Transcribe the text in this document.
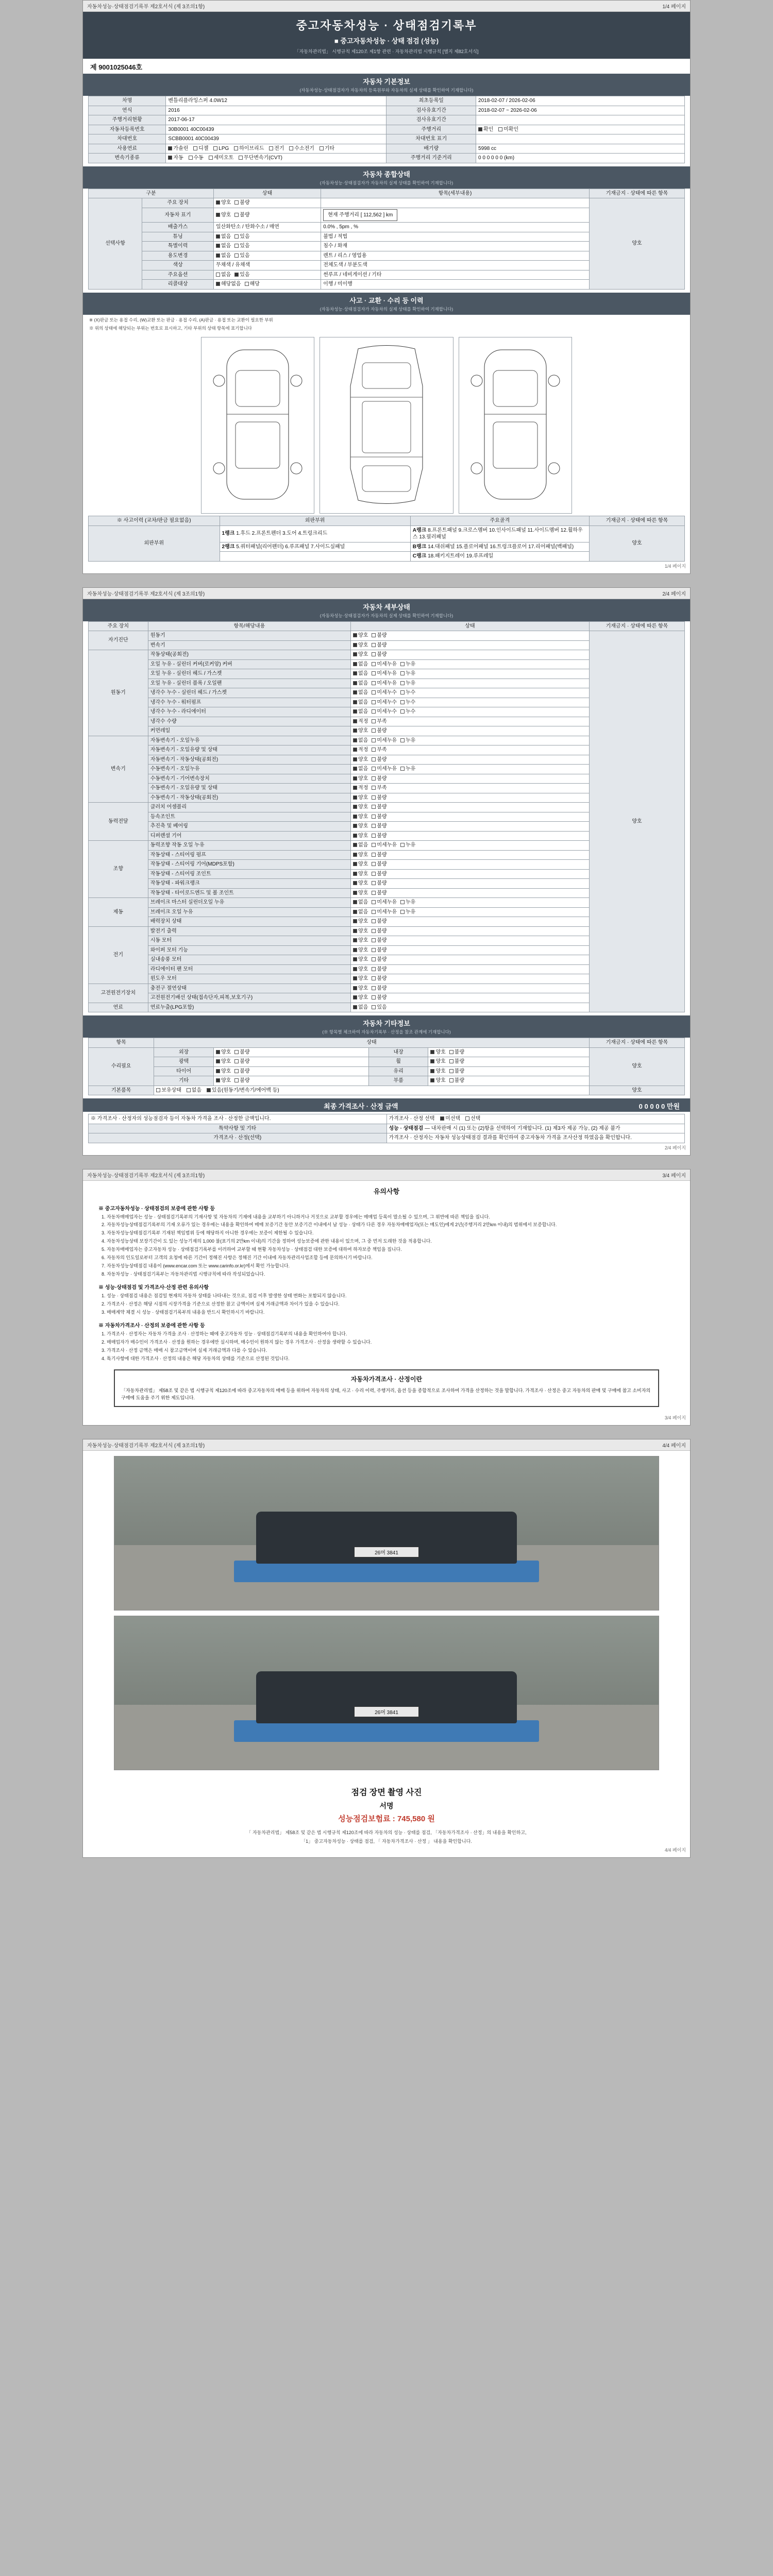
자동차성능·상태점검기록부 제2호서식 (제 3조의1항)	1/4 페이지
중고자동차성능 · 상태점검기록부
■ 중고자동차성능 · 상태 점검 (성능)
「자동차관리법」 시행규칙 제120조 제1항 관련 · 자동차관리법 시행규칙 [별지 제82호서식]
제 9001025046호
자동차 기본정보
(자동차성능·상태점검자가 자동차의 등록원부와 자동차의 실제 상태를 확인하여 기재합니다)
차명	벤틀리플라잉스퍼 4.0W12	최초등록일	2018-02-07 / 2026-02-06
연식	2016	검사유효기간	2018-02-07 ~ 2026-02-06
주행거리현황	2017-06-17	검사유효기간	
자동차등록번호	30B0001 40C00439	주행거리	확인 미확인
차대번호	SCBB0001 40C00439	차대번호 표기	
사용연료	가솔린 디젤 LPG 하이브리드 전기 수소전기 기타	배기량	5998 cc
변속기종류	자동 수동 세미오토 무단변속기(CVT)	주행거리 기준거리	0 0 0 0 0 0 (km)
자동차 종합상태
(자동차성능·상태점검자가 자동차의 실제 상태를 확인하여 기재합니다)
구분		상태	항목(세부내용)	기재금지 · 상태에 따른 항목
선택사항	주요 장치	양호 불량		양호
	자동차 표기	양호 불량	현재 주행거리 [ 112,562 ] km	
	배출가스	일산화탄소 / 탄화수소 / 매연	0.0% , 5pm , %	
	튜닝	없음 있음	불법 / 적법	
	특별이력	없음 있음	침수 / 화재	
	용도변경	없음 있음	렌트 / 리스 / 영업용	
	색상	무채색 / 유채색	전체도색 / 부분도색	
	주요옵션	없음 있음	썬루프 / 네비게이션 / 기타	
	리콜대상	해당없음 해당	이행 / 미이행	
사고 · 교환 · 수리 등 이력
(자동차성능·상태점검자가 자동차의 실제 상태를 확인하여 기재합니다)
※ (X)판금 또는 용접 수리, (W)교환 또는 판금 · 용접 수리, (A)판금 · 용접 또는 교환이 필요한 부위
※ 위의 상태에 해당되는 부위는 번호로 표시하고, 기타 부위의 상태 항목에 표기합니다
※ 사고이력 (교차/판금 필요없음)	외판부위	주요골격	기재금지 · 상태에 따른 항목
외판부위	1랭크 1.후드 2.프론트펜더 3.도어 4.트렁크리드	A랭크 8.프론트패널 9.크로스멤버 10.인사이드패널 11.사이드멤버 12.휠하우스 13.필러패널	양호
	2랭크 5.쿼터패널(리어펜더) 6.루프패널 7.사이드실패널	B랭크 14.대쉬패널 15.플로어패널 16.트렁크플로어 17.리어패널(백패널)	
		C랭크 18.패키지트레이 19.루프레일	
1/4 페이지
자동차성능·상태점검기록부 제2호서식 (제 3조의1항)	2/4 페이지
자동차 세부상태
(자동차성능·상태점검자가 자동차의 실제 상태를 확인하여 기재합니다)
주요 장치	항목/해당내용	상태	기재금지 · 상태에 따른 항목
자기진단	원동기	양호 불량	양호
	변속기	양호 불량	
원동기	작동상태(공회전)	양호 불량	
	오일 누유 - 실린더 커버(로커암) 커버	없음 미세누유 누유	
	오일 누유 - 실린더 헤드 / 가스켓	없음 미세누유 누유	
	오일 누유 - 실린더 블록 / 오일팬	없음 미세누유 누유	
	냉각수 누수 - 실린더 헤드 / 가스켓	없음 미세누수 누수	
	냉각수 누수 - 워터펌프	없음 미세누수 누수	
	냉각수 누수 - 라디에이터	없음 미세누수 누수	
	냉각수 수량	적정 부족	
	커먼레일	양호 불량	
변속기	자동변속기 - 오일누유	없음 미세누유 누유	
	자동변속기 - 오일유량 및 상태	적정 부족	
	자동변속기 - 작동상태(공회전)	양호 불량	
	수동변속기 - 오일누유	없음 미세누유 누유	
	수동변속기 - 기어변속장치	양호 불량	
	수동변속기 - 오일유량 및 상태	적정 부족	
	수동변속기 - 작동상태(공회전)	양호 불량	
동력전달	클러치 어셈블리	양호 불량	
	등속조인트	양호 불량	
	추진축 및 베어링	양호 불량	
	디퍼렌셜 기어	양호 불량	
조향	동력조향 작동 오일 누유	없음 미세누유 누유	
	작동상태 - 스티어링 펌프	양호 불량	
	작동상태 - 스티어링 기어(MDPS포함)	양호 불량	
	작동상태 - 스티어링 조인트	양호 불량	
	작동상태 - 파워크랭크	양호 불량	
	작동상태 - 타이로드엔드 및 볼 조인트	양호 불량	
제동	브레이크 마스터 실린더오일 누유	없음 미세누유 누유	
	브레이크 오일 누유	없음 미세누유 누유	
	배력장치 상태	양호 불량	
전기	발전기 출력	양호 불량	
	시동 모터	양호 불량	
	와이퍼 모터 기능	양호 불량	
	실내송풍 모터	양호 불량	
	라디에이터 팬 모터	양호 불량	
	윈도우 모터	양호 불량	
고전원전기장치	충전구 절연상태	양호 불량	
	고전원전기배선 상태(접속단자,피복,보호기구)	양호 불량	
연료	연료누출(LPG포함)	없음 있음	
자동차 기타정보
(※ 항목별 체크하여 자동차기록부 · 산정을 참조 관계에 기재합니다)
항목	상태				기재금지 · 상태에 따른 항목
수리필요	외장	양호 불량	내장	양호 불량	양호
	광택	양호 불량	휠	양호 불량	
	타이어	양호 불량	유리	양호 불량	
	기타	양호 불량	부품	양호 불량	
기본품목	보유상태 없음 있음(원동기/변속기/에어백 등)				양호
최종 가격조사 · 산정 금액	0 0 0 0 0 만원
※ 가격조사 · 산정자의 성능점검자 등이 자동차 가격을 조사 · 산정한 금액입니다.	가격조사 · 산정 선택 미선택 선택
특약사항 및 기타	성능 · 상태점검 — 내차판매 시 (1) 또는 (2)항을 선택하여 기재합니다. (1) 제3자 제공 가능, (2) 제공 불가
가격조사 · 산정(선택)	가격조사 · 산정자는 자동차 성능상태점검 결과를 확인하여 중고자동차 가격을 조사산정 하였음을 확인합니다.
2/4 페이지
자동차성능·상태점검기록부 제2호서식 (제 3조의1항)	3/4 페이지
유의사항
※ 중고자동차성능 · 상태점검의 보증에 관한 사항 등
1. 자동차매매업자는 성능 · 상태점검기록부의 기재사항 및 자동차의 기재에 내용을 교부하기 아니하거나 거짓으로 교부할 경우에는 매매업 등록이 말소될 수 있으며, 그 위반에 따른 책임을 집니다.
2. 자동차성능상태점검기록부의 기재 오류가 있는 경우에는 내용을 확인하여 매매 보증기간 동안 보증기간 이내에서 남 성능 · 상태가 다른 경우 자동차매매업자(또는 매도인)에게 2년(주행거리 2만km 이내)의 범위에서 보증합니다.
3. 자동차성능상태점검기록부 기재된 책임범위 등에 해당하지 아니한 경우에는 보증이 제한될 수 있습니다.
4. 자동차성능상태 보장기간이 도 있는 성능기재의 1,000 불(표기의 2만km 이내)의 기간을 정하여 성능보증에 관한 내용이 있으며, 그 중 먼저 도래한 것을 적용합니다.
5. 자동차매매업자는 중고자동차 성능 · 상태점검기록부를 이러하여 교부할 때 현황 자동차성능 · 상태점검 대한 보증에 대하여 하자보증 책임을 집니다.
6. 자동차의 인도일로부터 고객의 요청에 따른 기간이 정해진 사항은 정해진 기간 이내에 자동차관리사업조합 등에 문의하시기 바랍니다.
7. 자동차성능상태점검 내용이 (www.encar.com 또는 www.carinfo.or.kr)에서 확인 가능합니다.
8. 자동차성능 · 상태점검기록부는 자동차관리법 시행규칙에 따라 작성되었습니다.
※ 성능·상태점검 및 가격조사·산정 관련 유의사항
1. 성능 · 상태점검 내용은 점검일 현재의 자동차 상태를 나타내는 것으로, 점검 이후 발생한 상태 변화는 포함되지 않습니다.
2. 가격조사 · 산정은 해당 시점의 시장가격을 기준으로 산정한 참고 금액이며 실제 거래금액과 차이가 있을 수 있습니다.
3. 매매계약 체결 시 성능 · 상태점검기록부의 내용을 반드시 확인하시기 바랍니다.
※ 자동차가격조사 · 산정의 보증에 관한 사항 등
1. 가격조사 · 산정자는 자동차 가격을 조사 · 산정하는 때에 중고자동차 성능 · 상태점검기록부의 내용을 확인하여야 합니다.
2. 매매업자가 매수인이 가격조사 · 산정을 원하는 경우에만 실시하며, 매수인이 원하지 않는 경우 가격조사 · 산정을 생략할 수 있습니다.
3. 가격조사 · 산정 금액은 매매 시 참고금액이며 실제 거래금액과 다를 수 있습니다.
4. 특기사항에 대한 가격조사 · 산정의 내용은 해당 자동차의 상태를 기준으로 산정된 것입니다.
자동차가격조사 · 산정이란
「자동차관리법」 제58조 및 같은 법 시행규칙 제120조에 따라 중고자동차의 매매 등을 위하여 자동차의 상태, 사고 · 수리 이력, 주행거리, 옵션 등을 종합적으로 조사하여 가격을 산정하는 것을 말합니다. 가격조사 · 산정은 중고 자동차의 판매 및 구매에 참고 소비자의 구매에 도움을 주기 위한 제도입니다.
3/4 페이지
자동차성능·상태점검기록부 제2호서식 (제 3조의1항)	4/4 페이지
26머 3841
26머 3841
점검 장면 촬영 사진
서명
성능점검보험료 : 745,580 원
「 자동차관리법」 제58조 및 같은 법 시행규칙 제120조에 따라 자동차의 성능 · 상태를 점검, 「자동차가격조사 · 산정」의 내용을 확인하고,
「1」 중고자동차성능 · 상태를 점검, 「 자동차가격조사 · 산정 」 내용을 확인합니다.
4/4 페이지
